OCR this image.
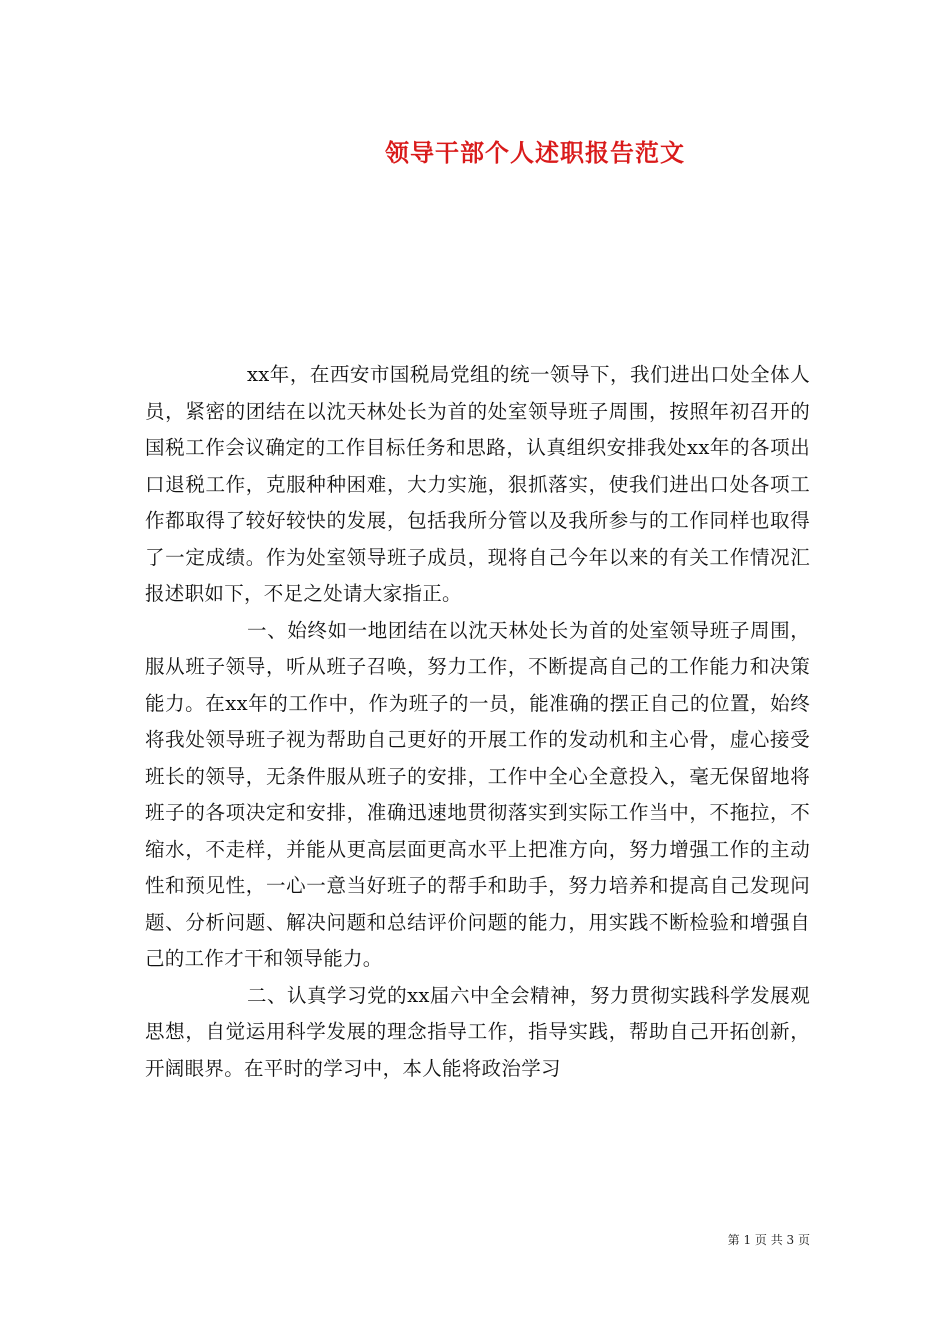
领导干部个人述职报告范文

xx年，在西安市国税局党组的统一领导下，我们进出口处全体人员，紧密的团结在以沈天林处长为首的处室领导班子周围，按照年初召开的国税工作会议确定的工作目标任务和思路，认真组织安排我处xx年的各项出口退税工作，克服种种困难，大力实施，狠抓落实，使我们进出口处各项工作都取得了较好较快的发展，包括我所分管以及我所参与的工作同样也取得了一定成绩。作为处室领导班子成员，现将自己今年以来的有关工作情况汇报述职如下，不足之处请大家指正。

一、始终如一地团结在以沈天林处长为首的处室领导班子周围，服从班子领导，听从班子召唤，努力工作，不断提高自己的工作能力和决策能力。在xx年的工作中，作为班子的一员，能准确的摆正自己的位置，始终将我处领导班子视为帮助自己更好的开展工作的发动机和主心骨，虚心接受班长的领导，无条件服从班子的安排，工作中全心全意投入，毫无保留地将班子的各项决定和安排，准确迅速地贯彻落实到实际工作当中，不拖拉，不缩水，不走样，并能从更高层面更高水平上把准方向，努力增强工作的主动性和预见性，一心一意当好班子的帮手和助手，努力培养和提高自己发现问题、分析问题、解决问题和总结评价问题的能力，用实践不断检验和增强自己的工作才干和领导能力。

二、认真学习党的xx届六中全会精神，努力贯彻实践科学发展观思想，自觉运用科学发展的理念指导工作，指导实践，帮助自己开拓创新，开阔眼界。在平时的学习中，本人能将政治学习

第 1 页 共 3 页
